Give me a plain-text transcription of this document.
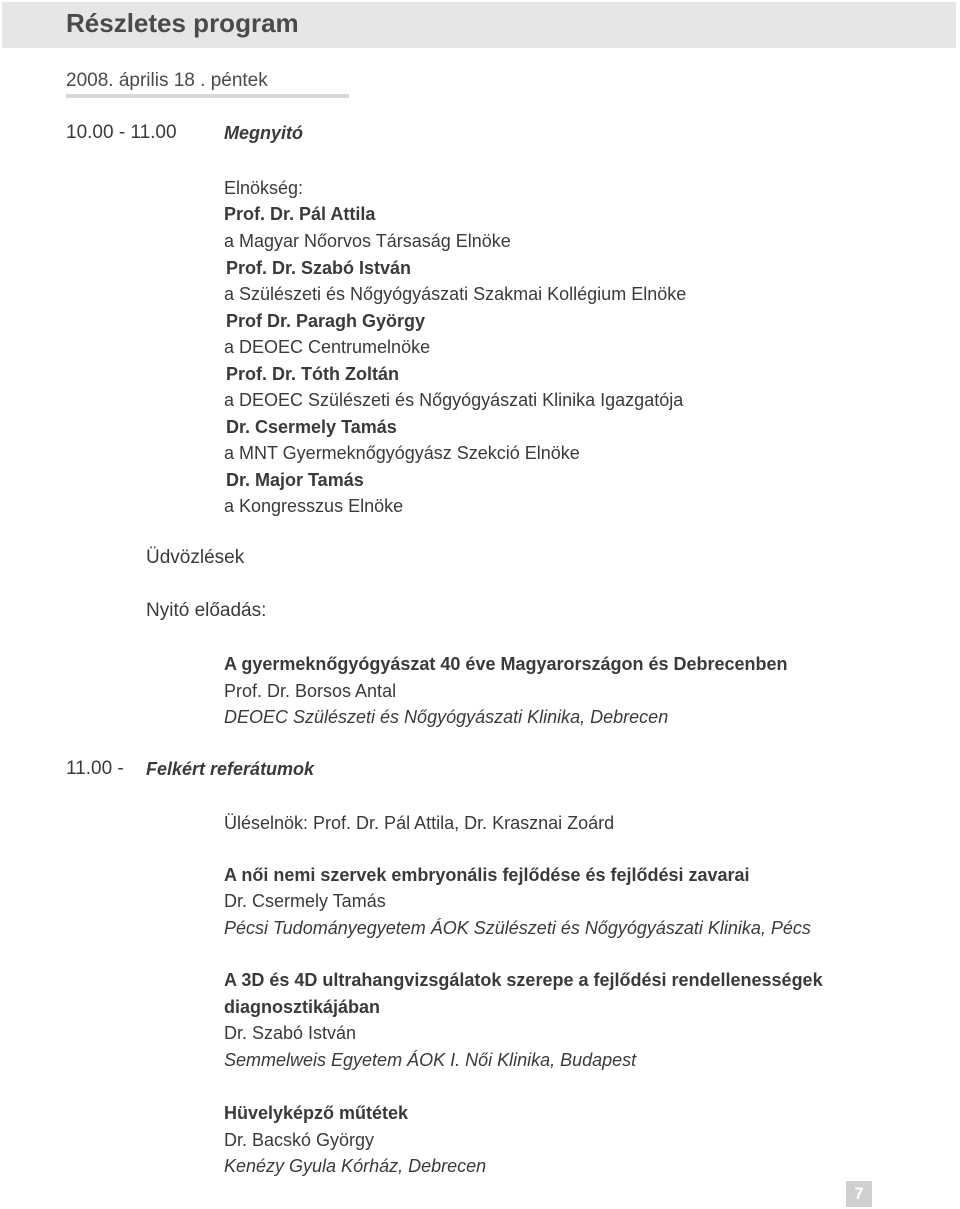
Részletes program
2008. április 18 . péntek
10.00 - 11.00	Megnyitó
Elnökség:
Prof. Dr. Pál Attila
a Magyar Nőorvos Társaság Elnöke
Prof. Dr. Szabó István
a Szülészeti és Nőgyógyászati Szakmai Kollégium Elnöke
Prof Dr. Paragh György
a DEOEC Centrumelnöke
Prof. Dr. Tóth Zoltán
a DEOEC Szülészeti és Nőgyógyászati Klinika Igazgatója
Dr. Csermely Tamás
a MNT Gyermeknőgyógyász Szekció Elnöke
Dr. Major Tamás
a Kongresszus Elnöke
Üdvözlések
Nyitó előadás:
A gyermeknőgyógyászat 40 éve Magyarországon és Debrecenben
Prof. Dr. Borsos Antal
DEOEC Szülészeti és Nőgyógyászati Klinika, Debrecen
11.00 - Felkért referátumok
Üléselnök: Prof. Dr. Pál Attila, Dr. Krasznai Zoárd
A női nemi szervek embryonális fejlődése és fejlődési zavarai
Dr. Csermely Tamás
Pécsi Tudományegyetem ÁOK Szülészeti és Nőgyógyászati Klinika, Pécs
A 3D és 4D ultrahangvizsgálatok szerepe a fejlődési rendellenességek
diagnosztikájában
Dr. Szabó István
Semmelweis Egyetem ÁOK I. Női Klinika, Budapest
Hüvelyképző műtétek
Dr. Bacskó György
Kenézy Gyula Kórház, Debrecen
7
